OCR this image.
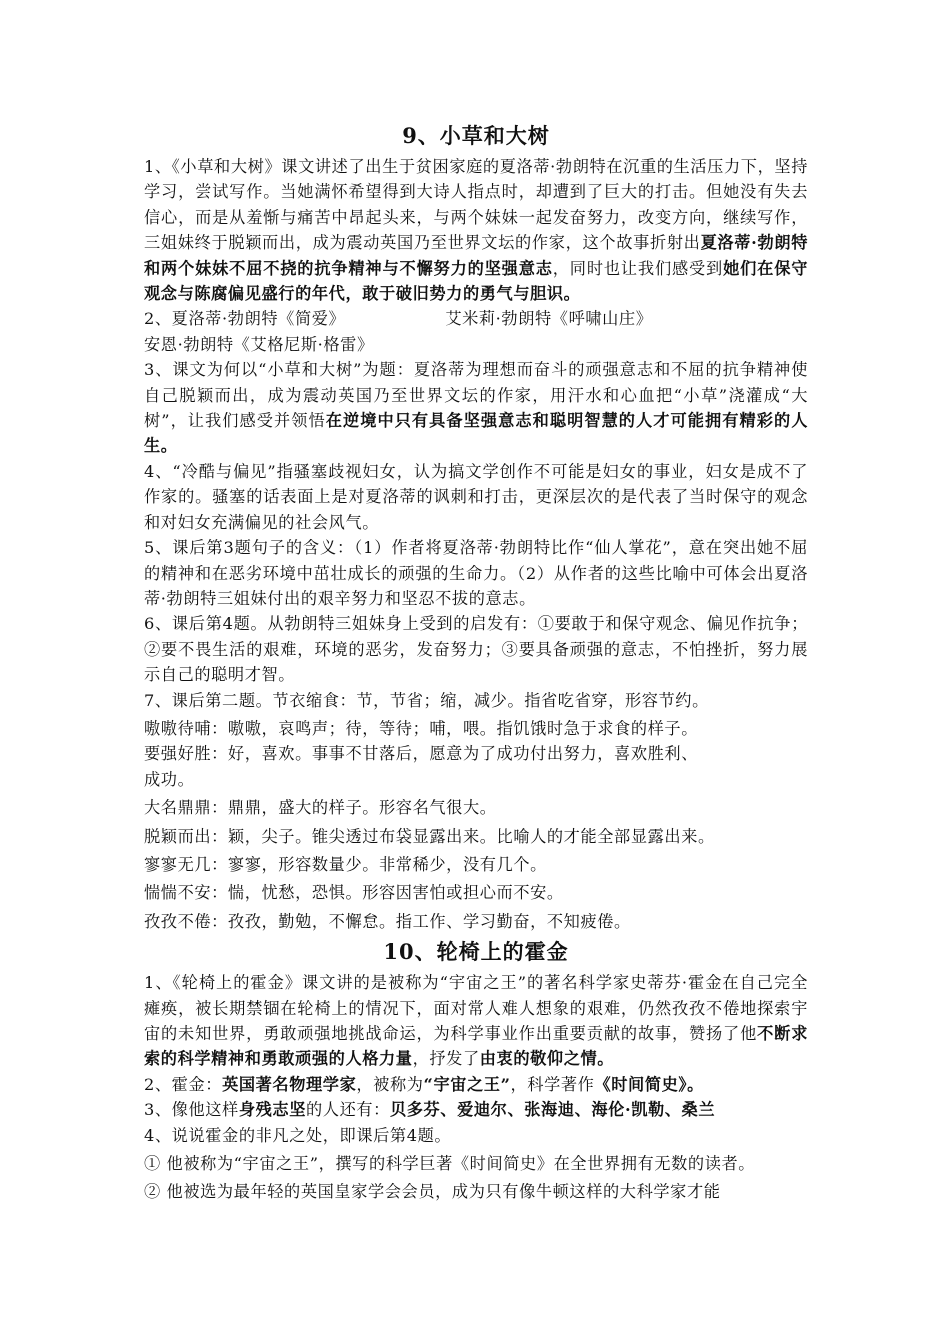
9、小草和大树

1、《小草和大树》课文讲述了出生于贫困家庭的夏洛蒂·勃朗特在沉重的生活压力下，坚持学习，尝试写作。当她满怀希望得到大诗人指点时，却遭到了巨大的打击。但她没有失去信心，而是从羞惭与痛苦中昂起头来，与两个妹妹一起发奋努力，改变方向，继续写作，三姐妹终于脱颖而出，成为震动英国乃至世界文坛的作家，这个故事折射出夏洛蒂·勃朗特和两个妹妹不屈不挠的抗争精神与不懈努力的坚强意志，同时也让我们感受到她们在保守观念与陈腐偏见盛行的年代，敢于破旧势力的勇气与胆识。

2、夏洛蒂·勃朗特《简爱》	艾米莉·勃朗特《呼啸山庄》

安恩·勃朗特《艾格尼斯·格雷》

3、课文为何以“小草和大树”为题：夏洛蒂为理想而奋斗的顽强意志和不屈的抗争精神使自己脱颖而出，成为震动英国乃至世界文坛的作家，用汗水和心血把“小草”浇灌成“大树”，让我们感受并领悟在逆境中只有具备坚强意志和聪明智慧的人才可能拥有精彩的人生。

4、“冷酷与偏见”指骚塞歧视妇女，认为搞文学创作不可能是妇女的事业，妇女是成不了作家的。骚塞的话表面上是对夏洛蒂的讽刺和打击，更深层次的是代表了当时保守的观念和对妇女充满偏见的社会风气。

5、课后第3题句子的含义：（1）作者将夏洛蒂·勃朗特比作“仙人掌花”，意在突出她不屈的精神和在恶劣环境中茁壮成长的顽强的生命力。（2）从作者的这些比喻中可体会出夏洛蒂·勃朗特三姐妹付出的艰辛努力和坚忍不拔的意志。

6、课后第4题。从勃朗特三姐妹身上受到的启发有：①要敢于和保守观念、偏见作抗争；②要不畏生活的艰难，环境的恶劣，发奋努力；③要具备顽强的意志，不怕挫折，努力展示自己的聪明才智。

7、课后第二题。节衣缩食：节，节省；缩，减少。指省吃省穿，形容节约。

嗷嗷待哺：嗷嗷，哀鸣声；待，等待；哺，喂。指饥饿时急于求食的样子。

要强好胜：好，喜欢。事事不甘落后，愿意为了成功付出努力，喜欢胜利、

成功。

大名鼎鼎：鼎鼎，盛大的样子。形容名气很大。

脱颖而出：颖，尖子。锥尖透过布袋显露出来。比喻人的才能全部显露出来。

寥寥无几：寥寥，形容数量少。非常稀少，没有几个。

惴惴不安：惴，忧愁，恐惧。形容因害怕或担心而不安。

孜孜不倦：孜孜，勤勉，不懈怠。指工作、学习勤奋，不知疲倦。

10、轮椅上的霍金

1、《轮椅上的霍金》课文讲的是被称为“宇宙之王”的著名科学家史蒂芬·霍金在自己完全瘫痪，被长期禁锢在轮椅上的情况下，面对常人难人想象的艰难，仍然孜孜不倦地探索宇宙的未知世界，勇敢顽强地挑战命运，为科学事业作出重要贡献的故事，赞扬了他不断求索的科学精神和勇敢顽强的人格力量，抒发了由衷的敬仰之情。

2、霍金：英国著名物理学家，被称为“宇宙之王”，科学著作《时间简史》。

3、像他这样身残志坚的人还有：贝多芬、爱迪尔、张海迪、海伦·凯勒、桑兰

4、说说霍金的非凡之处，即课后第4题。

① 他被称为“宇宙之王”，撰写的科学巨著《时间简史》在全世界拥有无数的读者。

② 他被选为最年轻的英国皇家学会会员，成为只有像牛顿这样的大科学家才能
